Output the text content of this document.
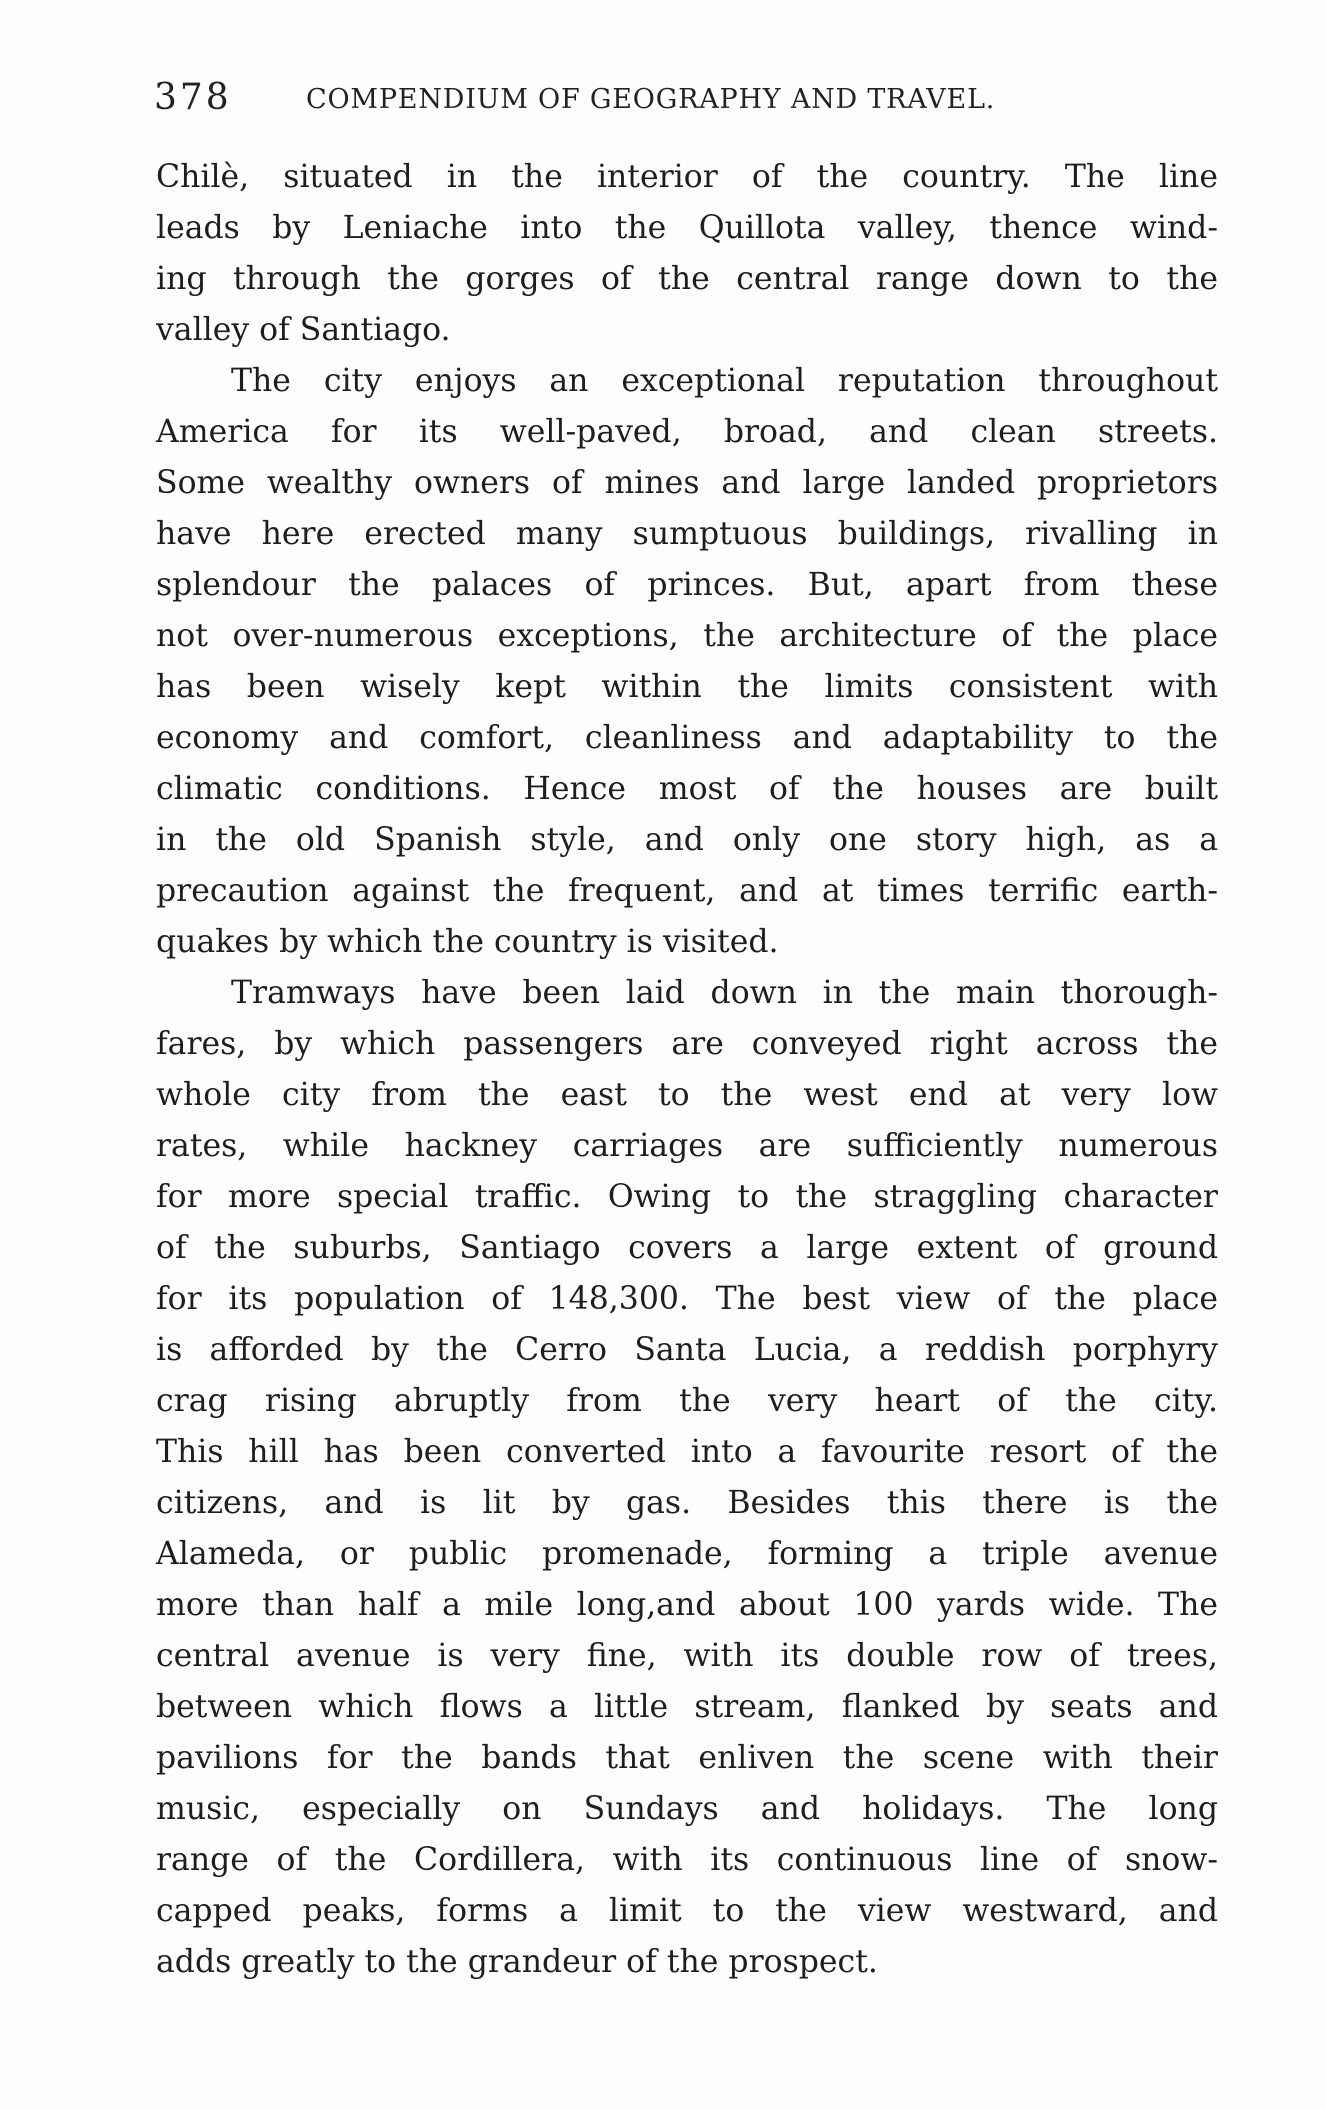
378	COMPENDIUM OF GEOGRAPHY AND TRAVEL.
Chilè, situated in the interior of the country. The line
leads by Leniache into the Quillota valley, thence wind-
ing through the gorges of the central range down to the
valley of Santiago.
The city enjoys an exceptional reputation throughout
America for its well-paved, broad, and clean streets.
Some wealthy owners of mines and large landed proprietors
have here erected many sumptuous buildings, rivalling in
splendour the palaces of princes. But, apart from these
not over-numerous exceptions, the architecture of the place
has been wisely kept within the limits consistent with
economy and comfort, cleanliness and adaptability to the
climatic conditions. Hence most of the houses are built
in the old Spanish style, and only one story high, as a
precaution against the frequent, and at times terrific earth-
quakes by which the country is visited.
Tramways have been laid down in the main thorough-
fares, by which passengers are conveyed right across the
whole city from the east to the west end at very low
rates, while hackney carriages are sufficiently numerous
for more special traffic. Owing to the straggling character
of the suburbs, Santiago covers a large extent of ground
for its population of 148,300. The best view of the place
is afforded by the Cerro Santa Lucia, a reddish porphyry
crag rising abruptly from the very heart of the city.
This hill has been converted into a favourite resort of the
citizens, and is lit by gas. Besides this there is the
Alameda, or public promenade, forming a triple avenue
more than half a mile long,and about 100 yards wide. The
central avenue is very fine, with its double row of trees,
between which flows a little stream, flanked by seats and
pavilions for the bands that enliven the scene with their
music, especially on Sundays and holidays. The long
range of the Cordillera, with its continuous line of snow-
capped peaks, forms a limit to the view westward, and
adds greatly to the grandeur of the prospect.
